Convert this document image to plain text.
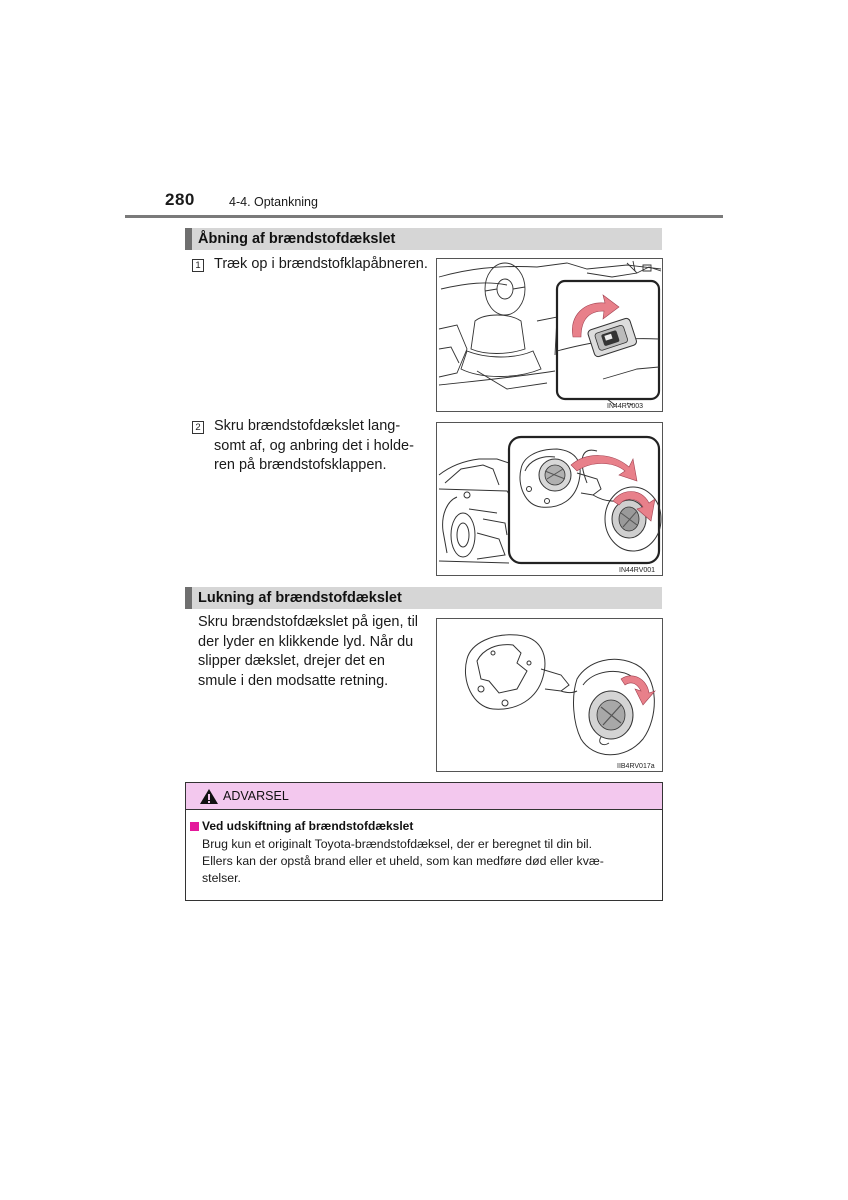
280	4-4. Optankning
Åbning af brændstofdækslet
1 Træk op i brændstofklapåbneren.
IN44RV003
2 Skru brændstofdækslet lang-
somt af, og anbring det i holde-
ren på brændstofsklappen.
IN44RV001
Lukning af brændstofdækslet
Skru brændstofdækslet på igen, til
der lyder en klikkende lyd. Når du
slipper dækslet, drejer det en
smule i den modsatte retning.
IIB4RV017a
ADVARSEL
Ved udskiftning af brændstofdækslet
Brug kun et originalt Toyota-brændstofdæksel, der er beregnet til din bil.
Ellers kan der opstå brand eller et uheld, som kan medføre død eller kvæ-
stelser.
